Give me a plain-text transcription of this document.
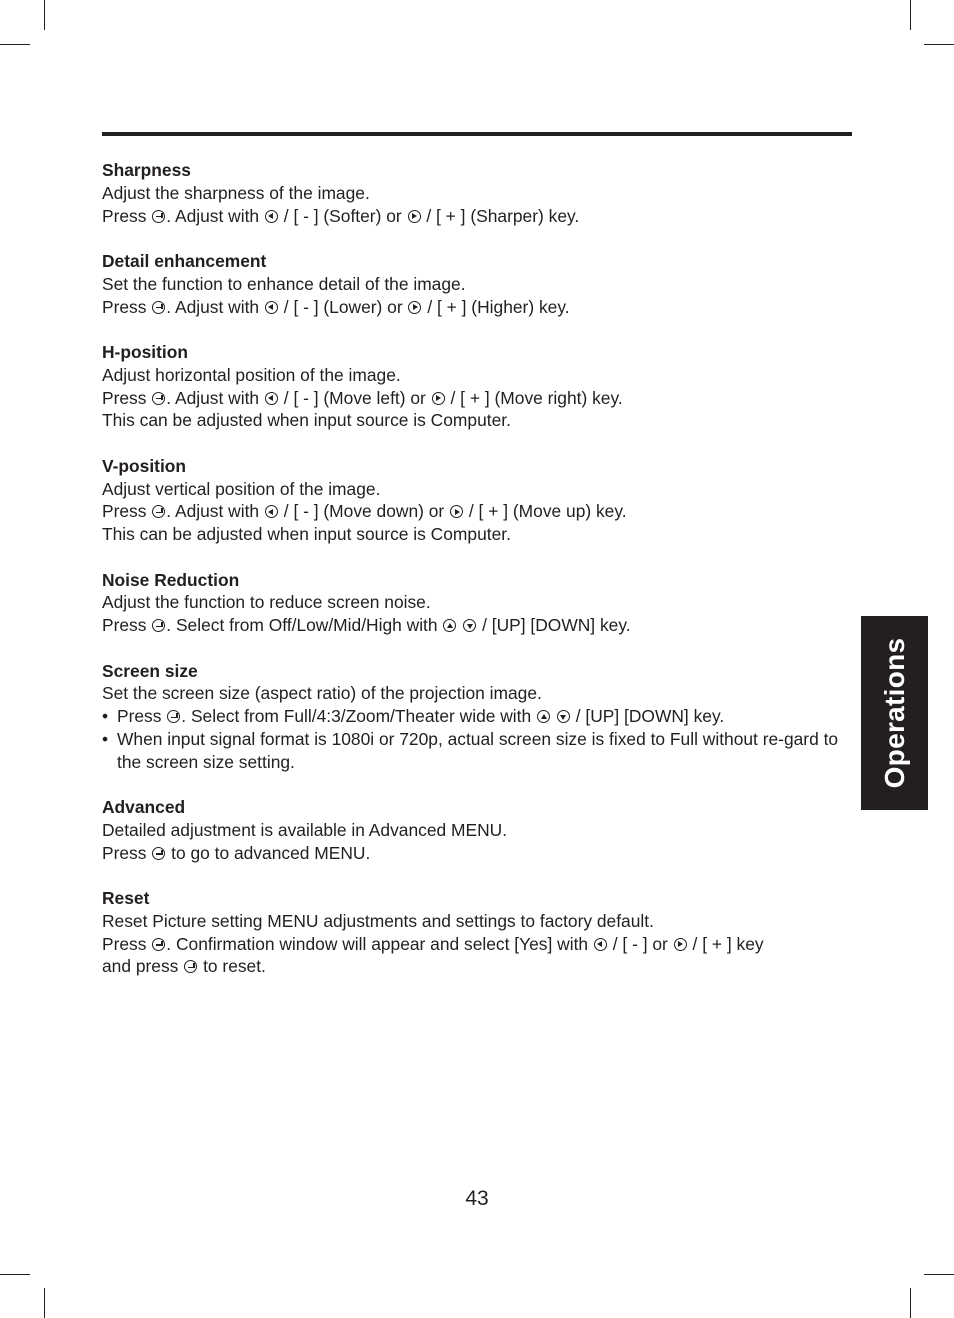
Sharpness
Adjust the sharpness of the image.
Press . Adjust with / [ - ] (Softer) or / [ + ] (Sharper) key.
Detail enhancement
Set the function to enhance detail of the image.
Press . Adjust with / [ - ] (Lower) or / [ + ] (Higher) key.
H-position
Adjust horizontal position of the image.
Press . Adjust with / [ - ] (Move left) or / [ + ] (Move right) key.
This can be adjusted when input source is Computer.
V-position
Adjust vertical position of the image.
Press . Adjust with / [ - ] (Move down) or / [ + ] (Move up) key.
This can be adjusted when input source is Computer.
Noise Reduction
Adjust the function to reduce screen noise.
Press . Select from Off/Low/Mid/High with	/ [UP] [DOWN] key.
Screen size
Set the screen size (aspect ratio) of the projection image.
• Press . Select from Full/4:3/Zoom/Theater wide with	/ [UP] [DOWN] key.
• When input signal format is 1080i or 720p, actual screen size is fixed to Full without re-gard to the screen size setting.
Advanced
Detailed adjustment is available in Advanced MENU.
Press to go to advanced MENU.
Reset
Reset Picture setting MENU adjustments and settings to factory default.
Press . Confirmation window will appear and select [Yes] with / [ - ] or / [ + ] key
and press to reset.
Operations
43
